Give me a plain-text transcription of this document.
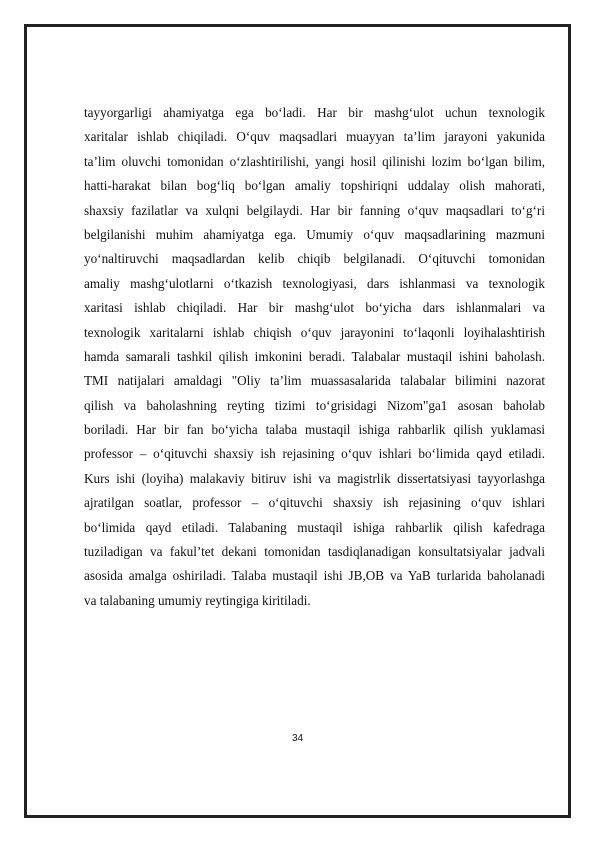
tayyorgarligi ahamiyatga ega bo‘ladi. Har bir mashg‘ulot uchun texnologik
xaritalar ishlab chiqiladi. O‘quv maqsadlari muayyan ta’lim jarayoni yakunida
ta’lim oluvchi tomonidan o‘zlashtirilishi, yangi hosil qilinishi lozim bo‘lgan bilim,
hatti-harakat bilan bog‘liq bo‘lgan amaliy topshiriqni uddalay olish mahorati,
shaxsiy fazilatlar va xulqni belgilaydi. Har bir fanning o‘quv maqsadlari to‘g‘ri
belgilanishi muhim ahamiyatga ega. Umumiy o‘quv maqsadlarining mazmuni
yo‘naltiruvchi maqsadlardan kelib chiqib belgilanadi. O‘qituvchi tomonidan
amaliy mashg‘ulotlarni o‘tkazish texnologiyasi, dars ishlanmasi va texnologik
xaritasi ishlab chiqiladi. Har bir mashg‘ulot bo‘yicha dars ishlanmalari va
texnologik xaritalarni ishlab chiqish o‘quv jarayonini to‘laqonli loyihalashtirish
hamda samarali tashkil qilish imkonini beradi. Talabalar mustaqil ishini baholash.
TMI natijalari amaldagi "Oliy ta’lim muassasalarida talabalar bilimini nazorat
qilish va baholashning reyting tizimi to‘grisidagi Nizom"ga1 asosan baholab
boriladi. Har bir fan bo‘yicha talaba mustaqil ishiga rahbarlik qilish yuklamasi
professor – o‘qituvchi shaxsiy ish rejasining o‘quv ishlari bo‘limida qayd etiladi.
Kurs ishi (loyiha) malakaviy bitiruv ishi va magistrlik dissertatsiyasi tayyorlashga
ajratilgan soatlar, professor – o‘qituvchi shaxsiy ish rejasining o‘quv ishlari
bo‘limida qayd etiladi. Talabaning mustaqil ishiga rahbarlik qilish kafedraga
tuziladigan va fakul’tet dekani tomonidan tasdiqlanadigan konsultatsiyalar jadvali
asosida amalga oshiriladi. Talaba mustaqil ishi JB,OB va YaB turlarida baholanadi
va talabaning umumiy reytingiga kiritiladi.
34
